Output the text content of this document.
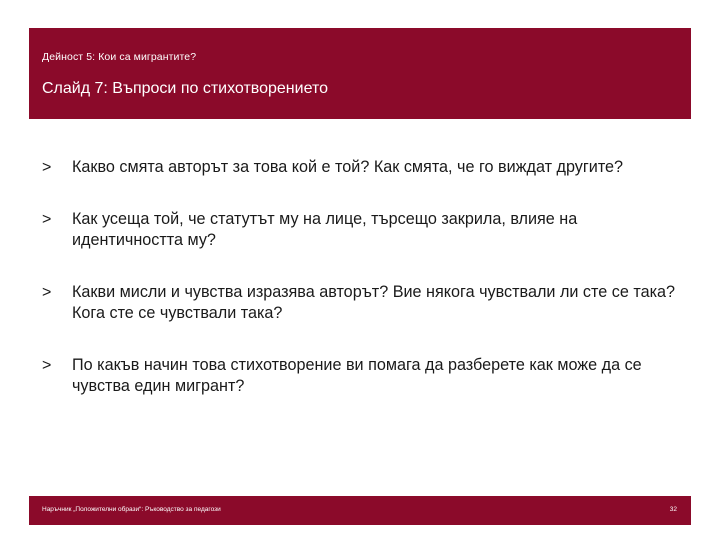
Дейност 5: Кои са мигрантите?
Слайд 7: Въпроси по стихотворението
>	Какво смята авторът за това кой е той? Как смята, че го виждат другите?
>	Как усеща той, че статутът му на лице, търсещо закрила, влияе на идентичността му?
>	Какви мисли и чувства изразява авторът? Вие някога чувствали ли сте се така? Кога сте се чувствали така?
>	По какъв начин това стихотворение ви помага да разберете как може да се чувства един мигрант?
Наръчник „Положителни образи“: Ръководство за педагози	32
